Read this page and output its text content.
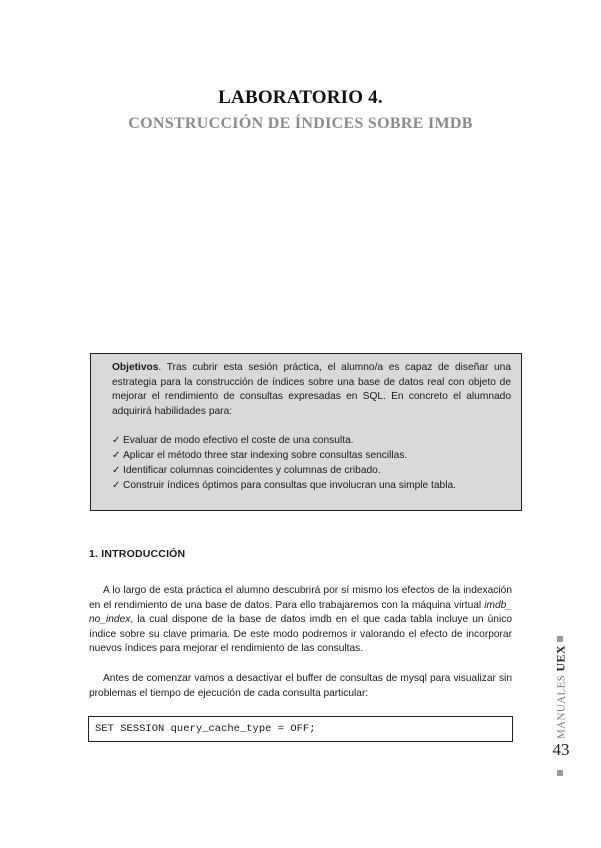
LABORATORIO 4.
CONSTRUCCIÓN DE ÍNDICES SOBRE IMDB

Objetivos. Tras cubrir esta sesión práctica, el alumno/a es capaz de diseñar una estrategia para la construcción de índices sobre una base de datos real con objeto de mejorar el rendimiento de consultas expresadas en SQL. En concreto el alumnado adquirirá habilidades para:

✓ Evaluar de modo efectivo el coste de una consulta.
✓ Aplicar el método three star indexing sobre consultas sencillas.
✓ Identificar columnas coincidentes y columnas de cribado.
✓ Construir índices óptimos para consultas que involucran una simple tabla.
1. INTRODUCCIÓN

A lo largo de esta práctica el alumno descubrirá por sí mismo los efectos de la indexación en el rendimiento de una base de datos. Para ello trabajaremos con la máquina virtual imdb_ no_index, la cual dispone de la base de datos imdb en el que cada tabla incluye un único índice sobre su clave primaria. De este modo podremos ir valorando el efecto de incorporar nuevos índices para mejorar el rendimiento de las consultas.

Antes de comenzar vamos a desactivar el buffer de consultas de mysql para visualizar sin problemas el tiempo de ejecución de cada consulta particular:

SET SESSION query_cache_type = OFF;	MANUALES UEX
43
